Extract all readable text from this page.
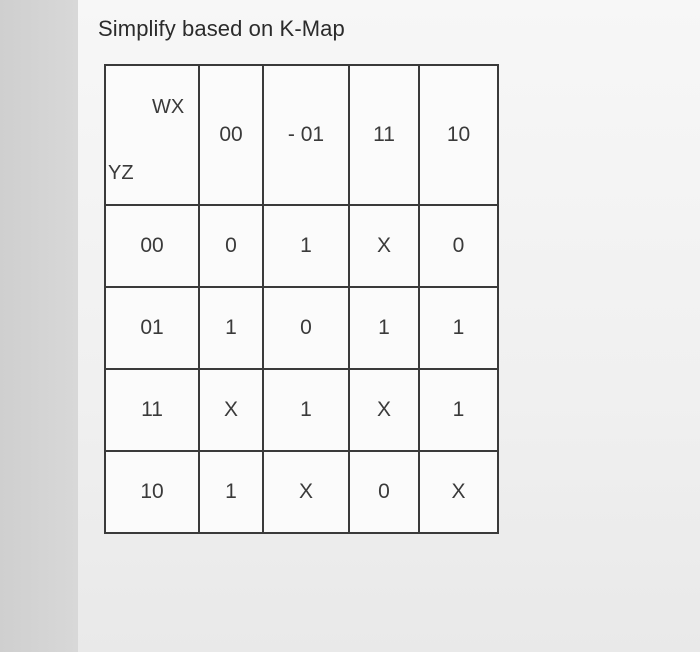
Simplify based on K-Map
WX
YZ	00	- 01	11	10
00	0	1	X	0
01	1	0	1	1
11	X	1	X	1
10	1	X	0	X
